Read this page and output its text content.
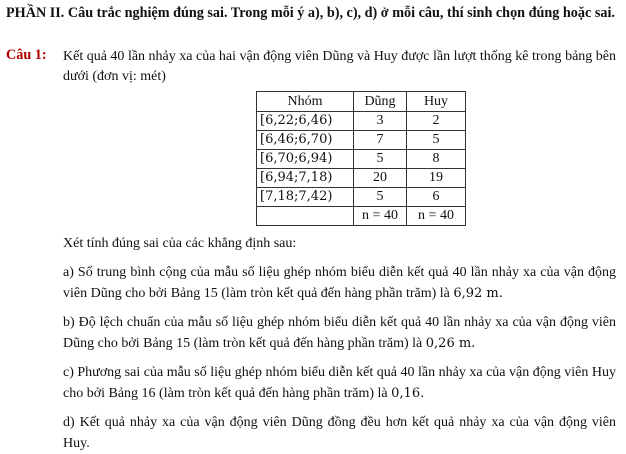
PHẦN II. Câu trắc nghiệm đúng sai. Trong mỗi ý a), b), c), d) ở mỗi câu, thí sinh chọn đúng hoặc sai.
Câu 1: Kết quả 40 lần nhảy xa của hai vận động viên Dũng và Huy được lần lượt thống kê trong bảng bên dưới (đơn vị: mét)
Nhóm	Dũng	Huy
[6,22;6,46)	3	2
[6,46;6,70)	7	5
[6,70;6,94)	5	8
[6,94;7,18)	20	19
[7,18;7,42)	5	6
	n = 40	n = 40
Xét tính đúng sai của các khẳng định sau:
a) Số trung bình cộng của mẫu số liệu ghép nhóm biểu diễn kết quả 40 lần nhảy xa của vận động viên Dũng cho bởi Bảng 15 (làm tròn kết quả đến hàng phần trăm) là 6,92 m.
b) Độ lệch chuẩn của mẫu số liệu ghép nhóm biểu diễn kết quả 40 lần nhảy xa của vận động viên Dũng cho bởi Bảng 15 (làm tròn kết quả đến hàng phần trăm) là 0,26 m.
c) Phương sai của mẫu số liệu ghép nhóm biểu diễn kết quả 40 lần nhảy xa của vận động viên Huy cho bởi Bảng 16 (làm tròn kết quả đến hàng phần trăm) là 0,16.
d) Kết quả nhảy xa của vận động viên Dũng đồng đều hơn kết quả nhảy xa của vận động viên Huy.
